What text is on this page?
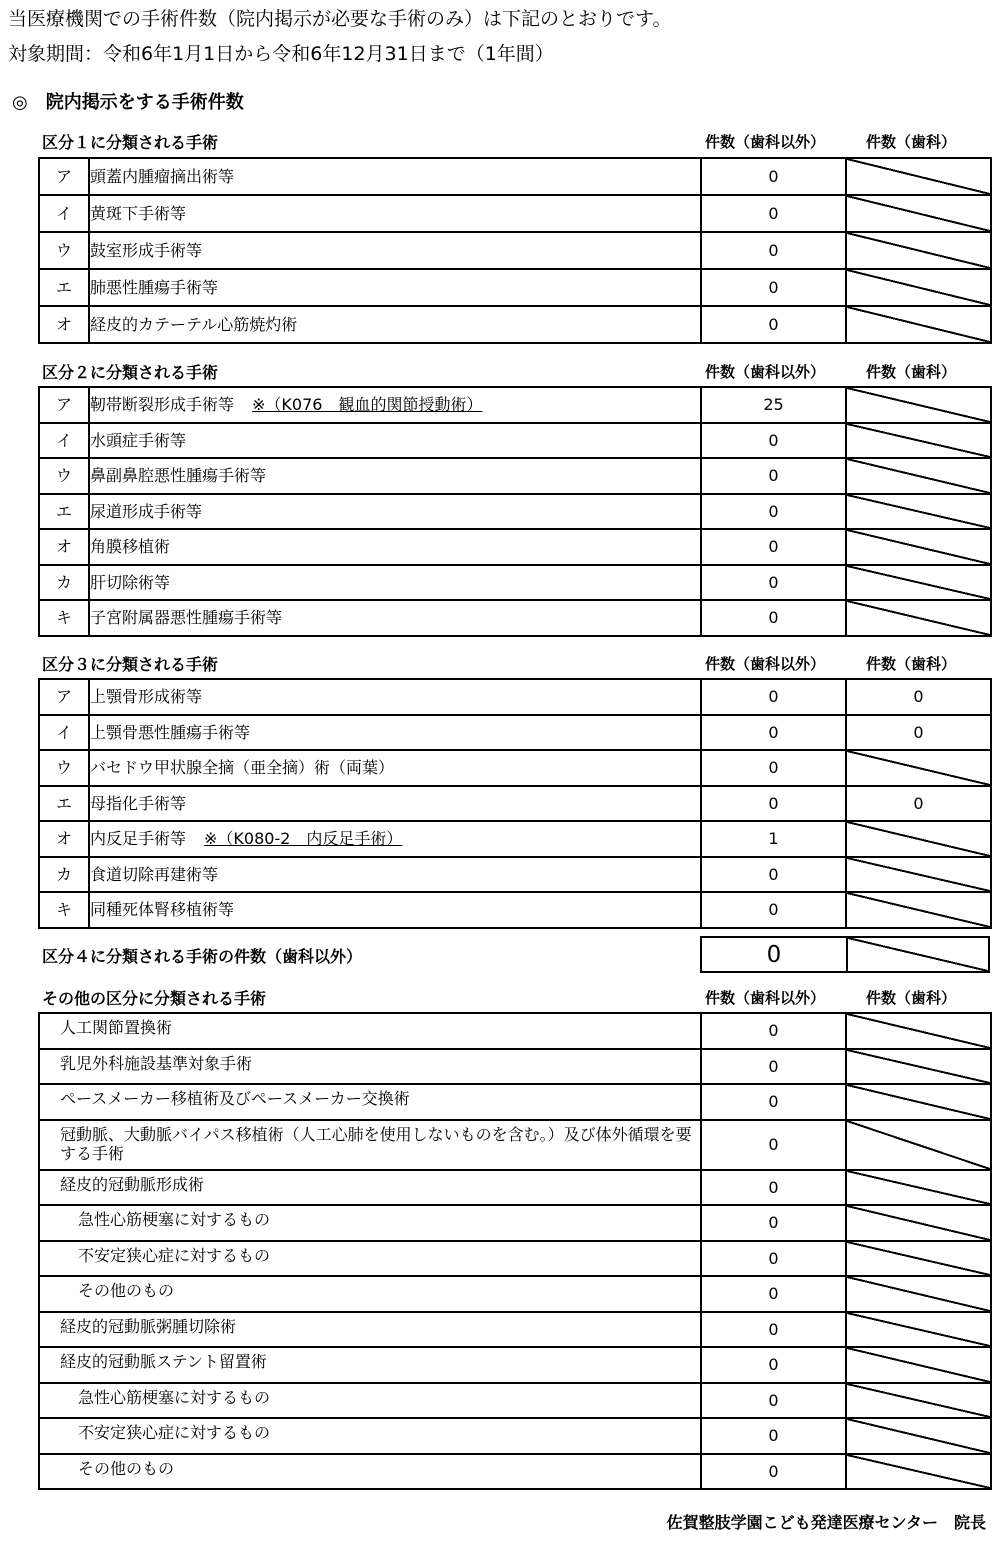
当医療機関での手術件数（院内掲示が必要な手術のみ）は下記のとおりです。
対象期間：令和6年1月1日から令和6年12月31日まで（1年間）
◎　院内掲示をする手術件数
区分１に分類される手術	件数（歯科以外）	件数（歯科）
ア	頭蓋内腫瘤摘出術等	0	
イ	黄斑下手術等	0	
ウ	鼓室形成手術等	0	
エ	肺悪性腫瘍手術等	0	
オ	経皮的カテーテル心筋焼灼術	0	
区分２に分類される手術	件数（歯科以外）	件数（歯科）
ア	靭帯断裂形成手術等 ※（K076　観血的関節授動術）	25	
イ	水頭症手術等	0	
ウ	鼻副鼻腔悪性腫瘍手術等	0	
エ	尿道形成手術等	0	
オ	角膜移植術	0	
カ	肝切除術等	0	
キ	子宮附属器悪性腫瘍手術等	0	
区分３に分類される手術	件数（歯科以外）	件数（歯科）
ア	上顎骨形成術等	0	0
イ	上顎骨悪性腫瘍手術等	0	0
ウ	バセドウ甲状腺全摘（亜全摘）術（両葉）	0	
エ	母指化手術等	0	0
オ	内反足手術等 ※（K080-2　内反足手術）	1	
カ	食道切除再建術等	0	
キ	同種死体腎移植術等	0	
区分４に分類される手術の件数（歯科以外）	0	
その他の区分に分類される手術	件数（歯科以外）	件数（歯科）
人工関節置換術	0	
乳児外科施設基準対象手術	0	
ペースメーカー移植術及びペースメーカー交換術	0	
冠動脈、大動脈バイパス移植術（人工心肺を使用しないものを含む。）及び体外循環を要する手術	0	
経皮的冠動脈形成術	0	
急性心筋梗塞に対するもの	0	
不安定狭心症に対するもの	0	
その他のもの	0	
経皮的冠動脈粥腫切除術	0	
経皮的冠動脈ステント留置術	0	
急性心筋梗塞に対するもの	0	
不安定狭心症に対するもの	0	
その他のもの	0	
佐賀整肢学園こども発達医療センター　院長
